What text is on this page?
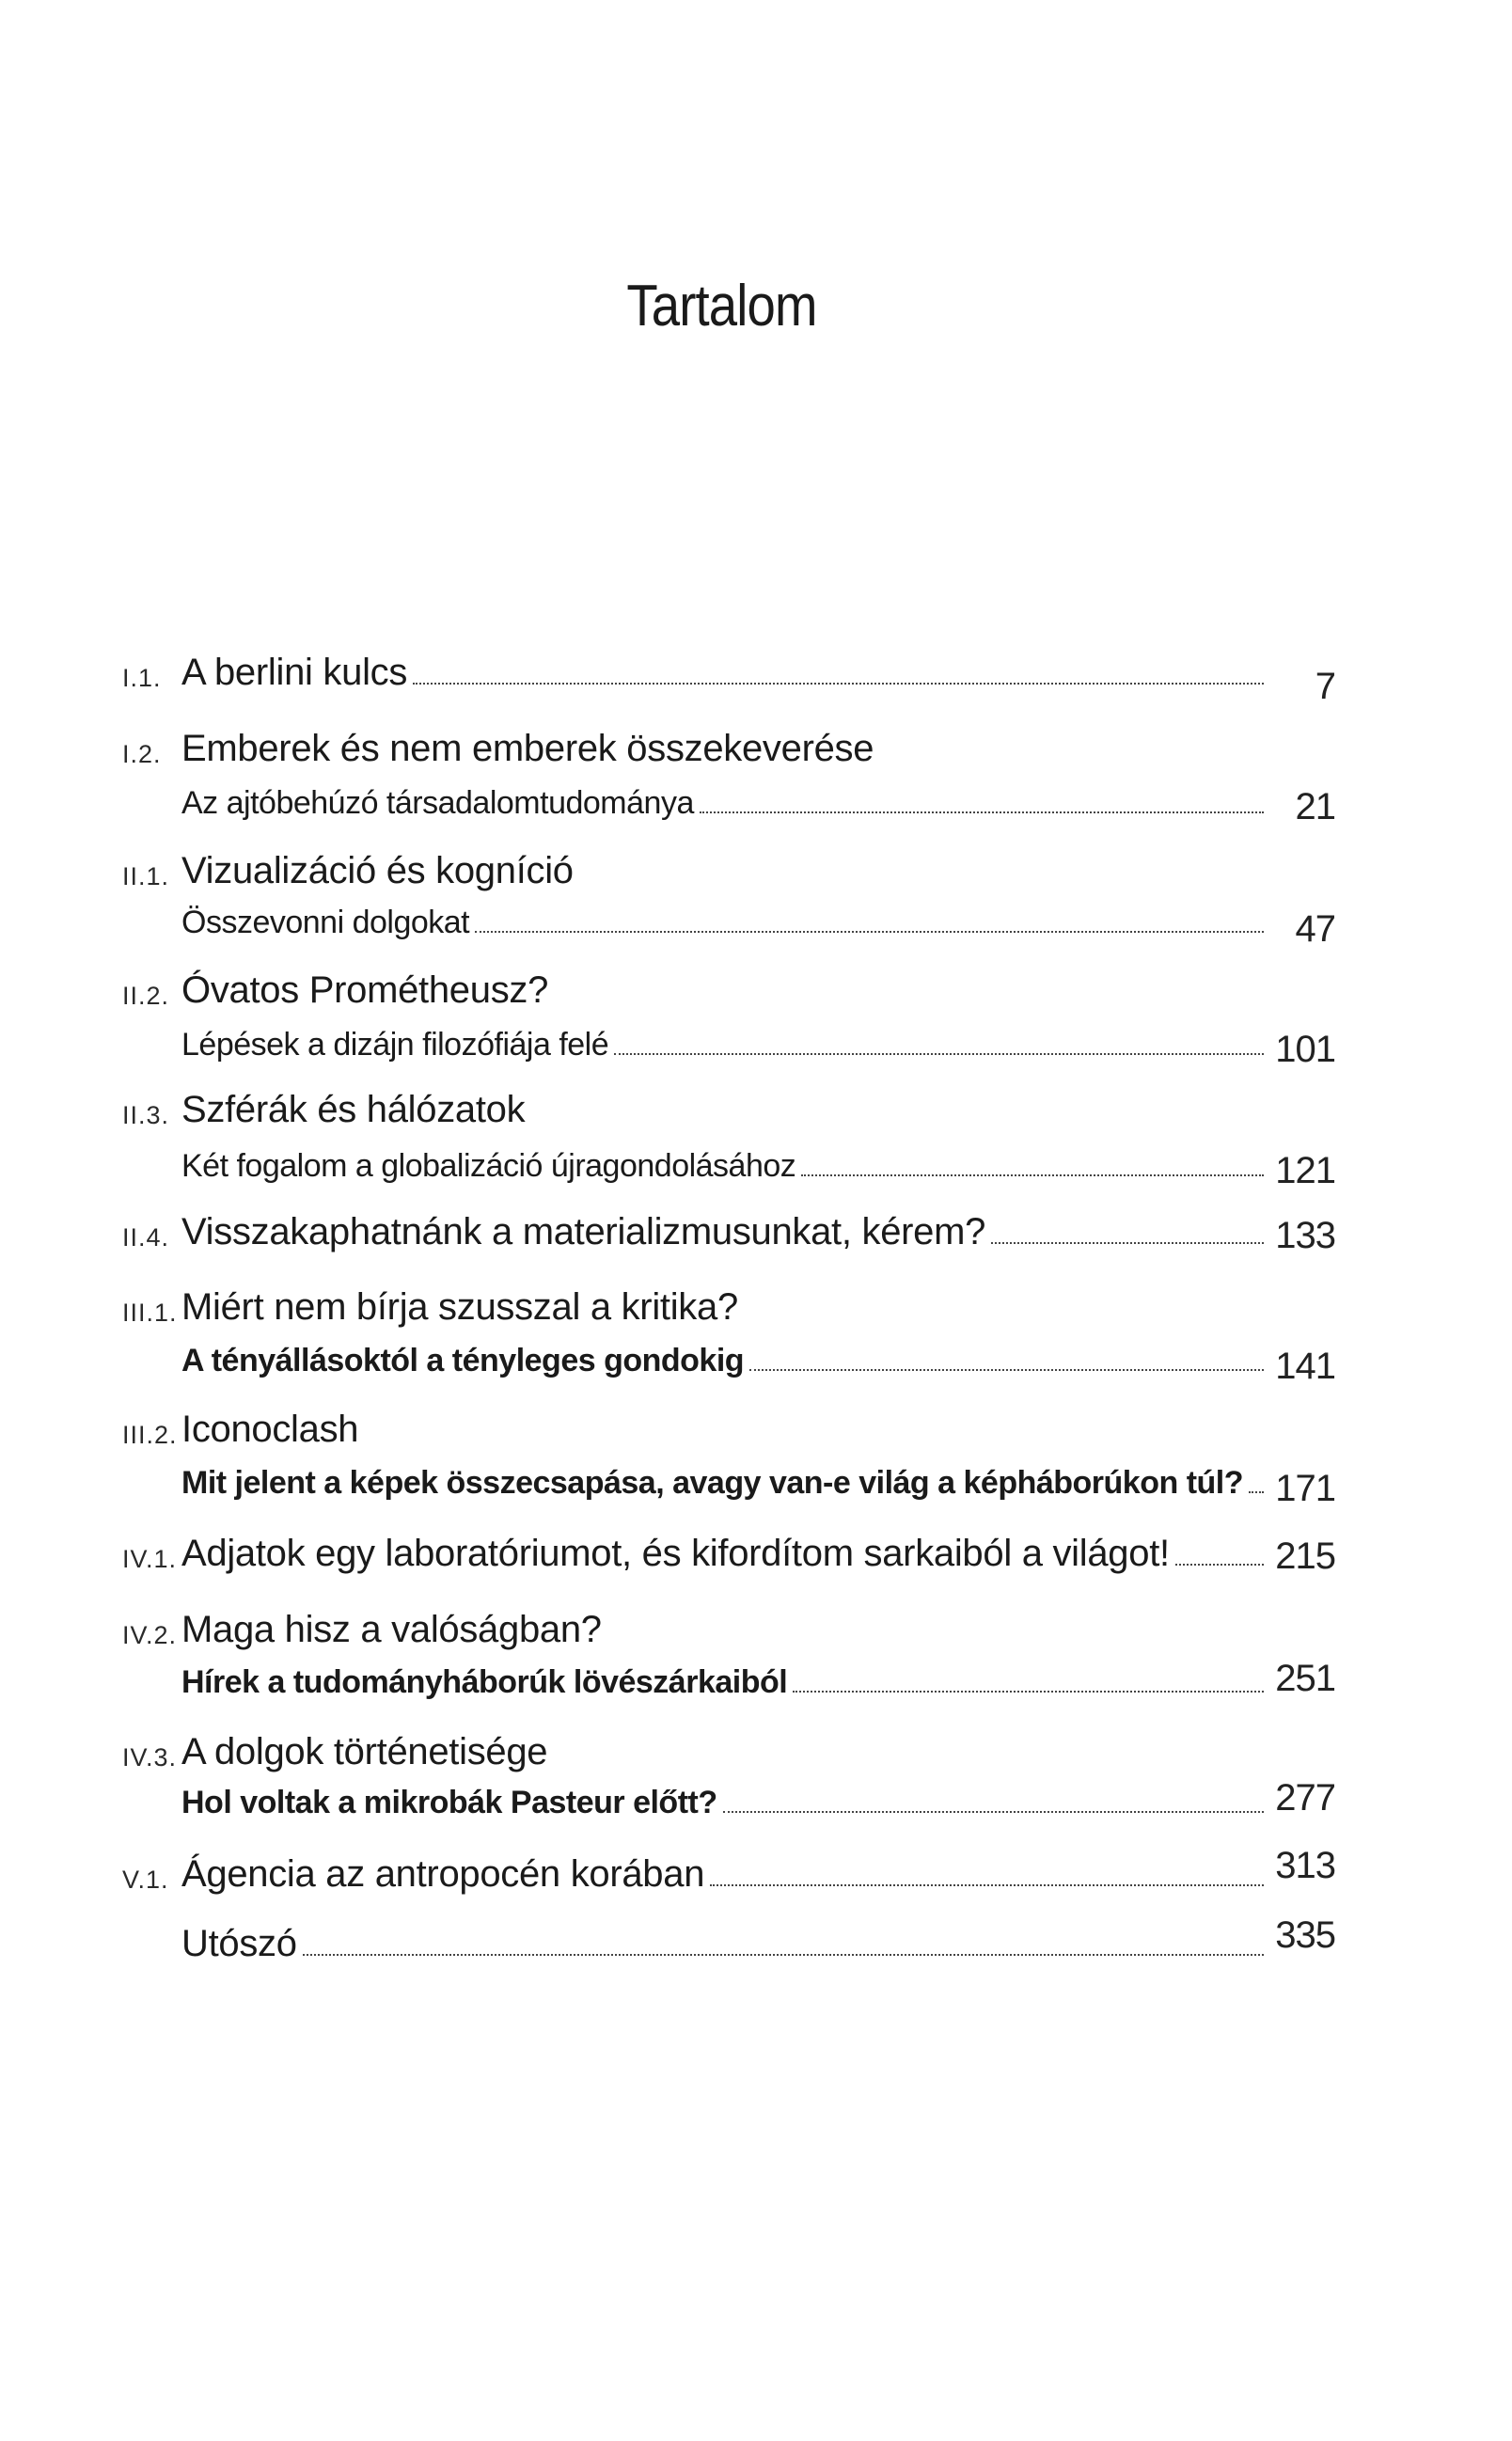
Tartalom
I.1. A berlini kulcs	7
I.2. Emberek és nem emberek összekeverése
Az ajtóbehúzó társadalomtudománya	21
II.1. Vizualizáció és kogníció
Összevonni dolgokat	47
II.2. Óvatos Prométheusz?
Lépések a dizájn filozófiája felé	101
II.3. Szférák és hálózatok
Két fogalom a globalizáció újragondolásához	121
II.4. Visszakaphatnánk a materializmusunkat, kérem?	133
III.1. Miért nem bírja szusszal a kritika?
A tényállásoktól a tényleges gondokig	141
III.2. Iconoclash
Mit jelent a képek összecsapása, avagy van-e világ a képháborúkon túl? 171
IV.1. Adjatok egy laboratóriumot, és kifordítom sarkaiból a világot!	215
IV.2. Maga hisz a valóságban?
Hírek a tudományháborúk lövészárkaiból	251
IV.3. A dolgok történetisége
Hol voltak a mikrobák Pasteur előtt?	277
V.1. Ágencia az antropocén korában	313
Utószó	335
